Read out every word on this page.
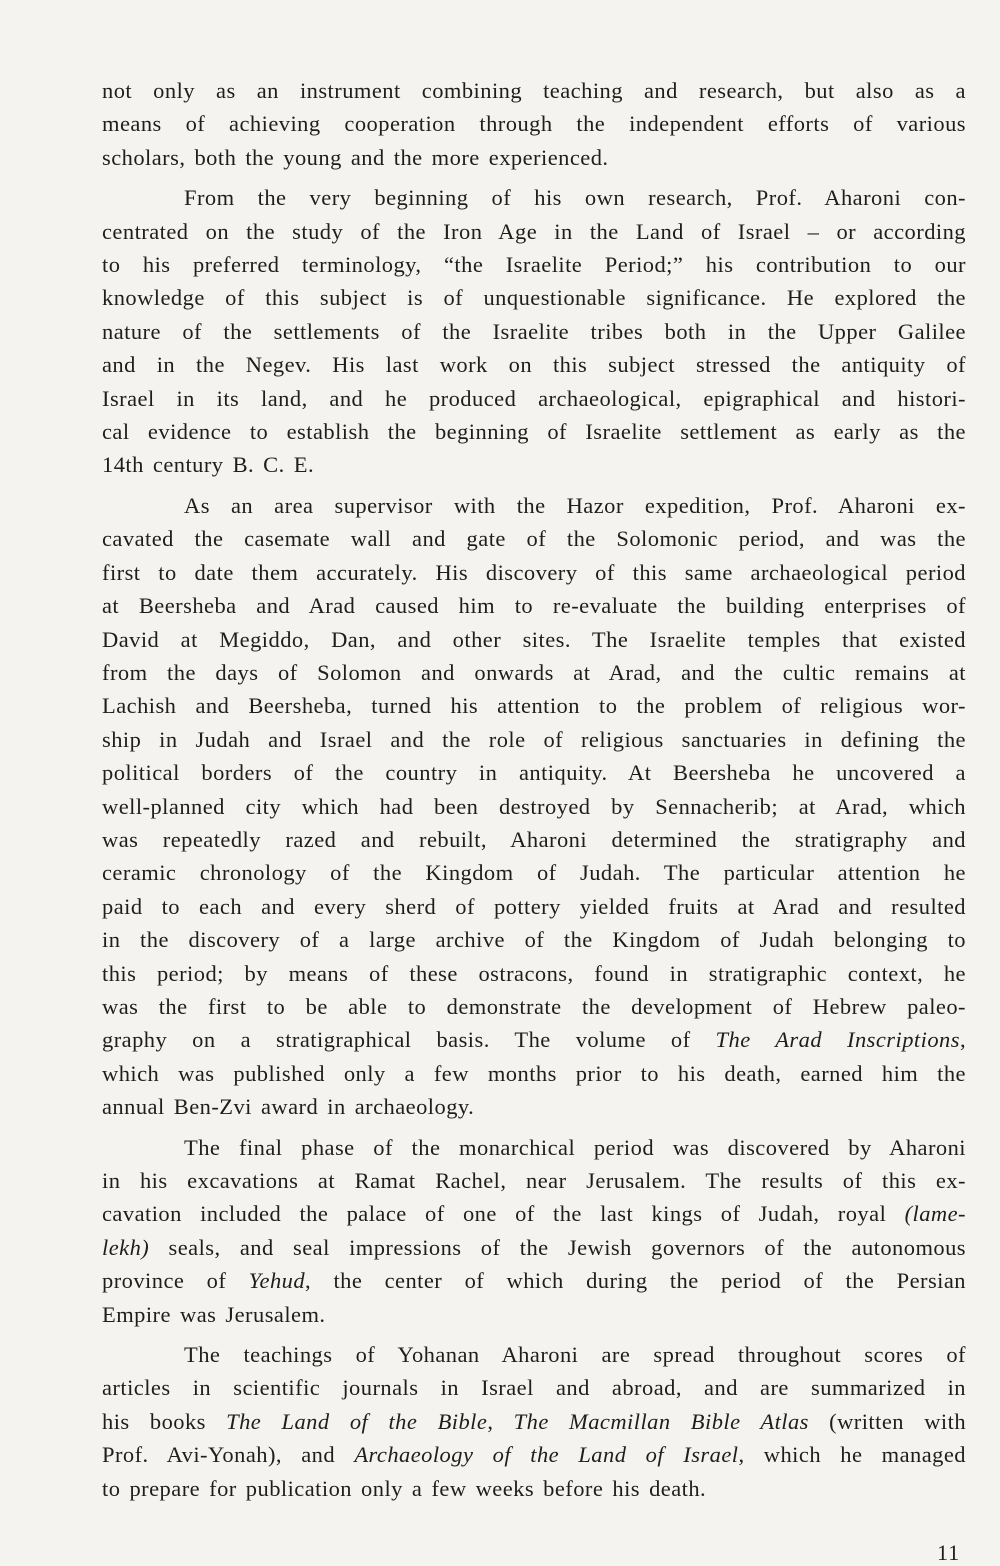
not only as an instrument combining teaching and research, but also as a
means of achieving cooperation through the independent efforts of various
scholars, both the young and the more experienced.

From the very beginning of his own research, Prof. Aharoni con-
centrated on the study of the Iron Age in the Land of Israel – or according
to his preferred terminology, “the Israelite Period;” his contribution to our
knowledge of this subject is of unquestionable significance. He explored the
nature of the settlements of the Israelite tribes both in the Upper Galilee
and in the Negev. His last work on this subject stressed the antiquity of
Israel in its land, and he produced archaeological, epigraphical and histori-
cal evidence to establish the beginning of Israelite settlement as early as the
14th century B. C. E.

As an area supervisor with the Hazor expedition, Prof. Aharoni ex-
cavated the casemate wall and gate of the Solomonic period, and was the
first to date them accurately. His discovery of this same archaeological period
at Beersheba and Arad caused him to re-evaluate the building enterprises of
David at Megiddo, Dan, and other sites. The Israelite temples that existed
from the days of Solomon and onwards at Arad, and the cultic remains at
Lachish and Beersheba, turned his attention to the problem of religious wor-
ship in Judah and Israel and the role of religious sanctuaries in defining the
political borders of the country in antiquity. At Beersheba he uncovered a
well-planned city which had been destroyed by Sennacherib; at Arad, which
was repeatedly razed and rebuilt, Aharoni determined the stratigraphy and
ceramic chronology of the Kingdom of Judah. The particular attention he
paid to each and every sherd of pottery yielded fruits at Arad and resulted
in the discovery of a large archive of the Kingdom of Judah belonging to
this period; by means of these ostracons, found in stratigraphic context, he
was the first to be able to demonstrate the development of Hebrew paleo-
graphy on a stratigraphical basis. The volume of The Arad Inscriptions,
which was published only a few months prior to his death, earned him the
annual Ben-Zvi award in archaeology.

The final phase of the monarchical period was discovered by Aharoni
in his excavations at Ramat Rachel, near Jerusalem. The results of this ex-
cavation included the palace of one of the last kings of Judah, royal (lame-
lekh) seals, and seal impressions of the Jewish governors of the autonomous
province of Yehud, the center of which during the period of the Persian
Empire was Jerusalem.

The teachings of Yohanan Aharoni are spread throughout scores of
articles in scientific journals in Israel and abroad, and are summarized in
his books The Land of the Bible, The Macmillan Bible Atlas (written with
Prof. Avi-Yonah), and Archaeology of the Land of Israel, which he managed
to prepare for publication only a few weeks before his death.

11
